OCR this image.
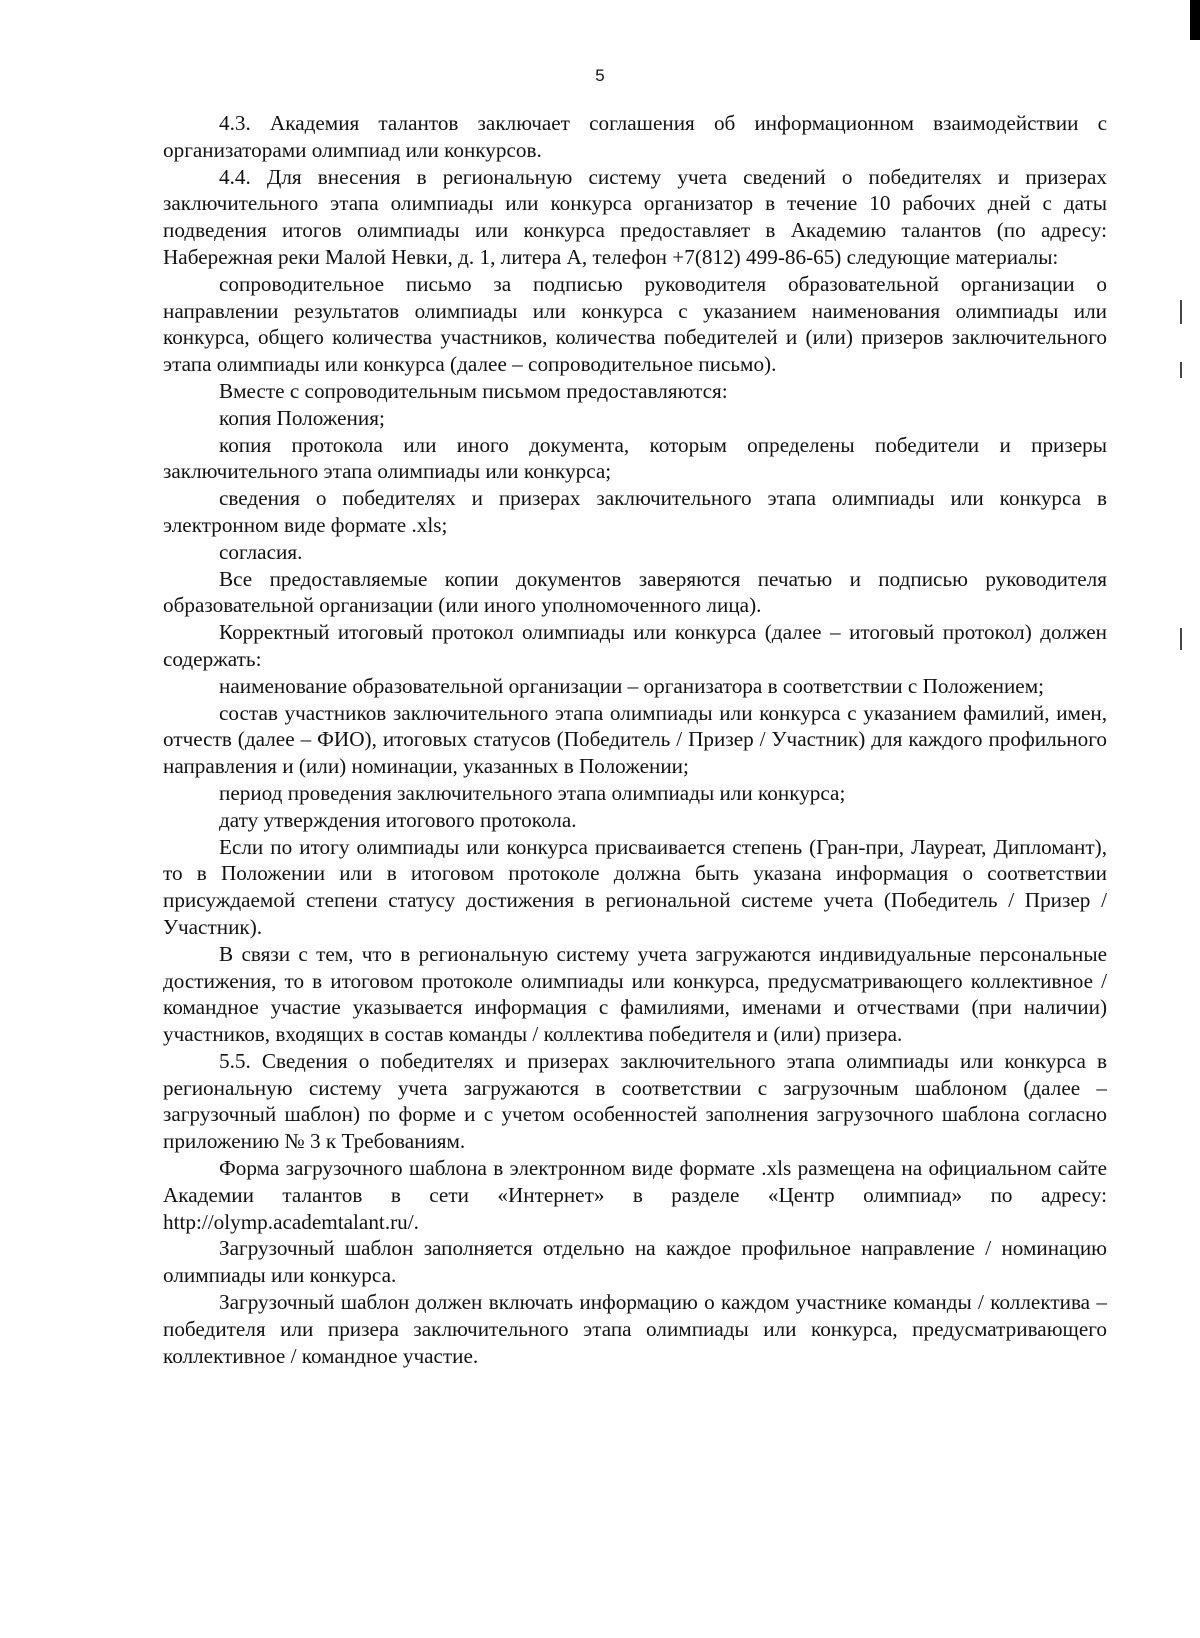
5

4.3. Академия талантов заключает соглашения об информационном взаимодействии с организаторами олимпиад или конкурсов.

4.4. Для внесения в региональную систему учета сведений о победителях и призерах заключительного этапа олимпиады или конкурса организатор в течение 10 рабочих дней с даты подведения итогов олимпиады или конкурса предоставляет в Академию талантов (по адресу: Набережная реки Малой Невки, д. 1, литера А, телефон +7(812) 499-86-65) следующие материалы:

сопроводительное письмо за подписью руководителя образовательной организации о направлении результатов олимпиады или конкурса с указанием наименования олимпиады или конкурса, общего количества участников, количества победителей и (или) призеров заключительного этапа олимпиады или конкурса (далее – сопроводительное письмо).

Вместе с сопроводительным письмом предоставляются:

копия Положения;

копия протокола или иного документа, которым определены победители и призеры заключительного этапа олимпиады или конкурса;

сведения о победителях и призерах заключительного этапа олимпиады или конкурса в электронном виде формате .xls;

согласия.

Все предоставляемые копии документов заверяются печатью и подписью руководителя образовательной организации (или иного уполномоченного лица).

Корректный итоговый протокол олимпиады или конкурса (далее – итоговый протокол) должен содержать:

наименование образовательной организации – организатора в соответствии с Положением;

состав участников заключительного этапа олимпиады или конкурса с указанием фамилий, имен, отчеств (далее – ФИО), итоговых статусов (Победитель / Призер / Участник) для каждого профильного направления и (или) номинации, указанных в Положении;

период проведения заключительного этапа олимпиады или конкурса;

дату утверждения итогового протокола.

Если по итогу олимпиады или конкурса присваивается степень (Гран-при, Лауреат, Дипломант), то в Положении или в итоговом протоколе должна быть указана информация о соответствии присуждаемой степени статусу достижения в региональной системе учета (Победитель / Призер / Участник).

В связи с тем, что в региональную систему учета загружаются индивидуальные персональные достижения, то в итоговом протоколе олимпиады или конкурса, предусматривающего коллективное / командное участие указывается информация с фамилиями, именами и отчествами (при наличии) участников, входящих в состав команды / коллектива победителя и (или) призера.

5.5. Сведения о победителях и призерах заключительного этапа олимпиады или конкурса в региональную систему учета загружаются в соответствии с загрузочным шаблоном (далее – загрузочный шаблон) по форме и с учетом особенностей заполнения загрузочного шаблона согласно приложению № 3 к Требованиям.

Форма загрузочного шаблона в электронном виде формате .xls размещена на официальном сайте Академии талантов в сети «Интернет» в разделе «Центр олимпиад» по адресу: http://olymp.academtalant.ru/.

Загрузочный шаблон заполняется отдельно на каждое профильное направление / номинацию олимпиады или конкурса.

Загрузочный шаблон должен включать информацию о каждом участнике команды / коллектива – победителя или призера заключительного этапа олимпиады или конкурса, предусматривающего коллективное / командное участие.
